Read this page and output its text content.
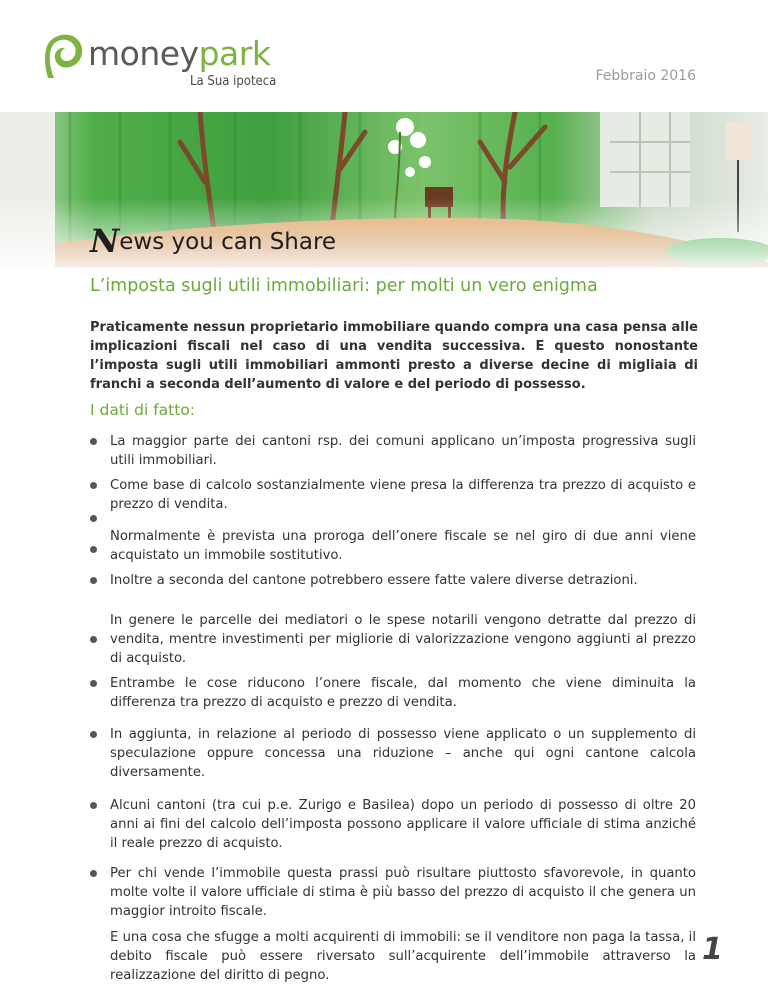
moneypark
La Sua ipoteca	Febbraio 2016
News you can Share
L’imposta sugli utili immobiliari: per molti un vero enigma
Praticamente nessun proprietario immobiliare quando compra una casa pensa alle implicazioni fiscali nel caso di una vendita successiva. E questo nonostante l’imposta sugli utili immobiliari ammonti presto a diverse decine di migliaia di franchi a seconda dell’aumento di valore e del periodo di possesso.
I dati di fatto:
La maggior parte dei cantoni rsp. dei comuni applicano un’imposta progressiva sugli utili immobiliari.
Come base di calcolo sostanzialmente viene presa la differenza tra prezzo di acquisto e prezzo di vendita.
Normalmente è prevista una proroga dell’onere fiscale se nel giro di due anni viene acquistato un immobile sostitutivo.
Inoltre a seconda del cantone potrebbero essere fatte valere diverse detrazioni.
In genere le parcelle dei mediatori o le spese notarili vengono detratte dal prezzo di vendita, mentre investimenti per migliorie di valorizzazione vengono aggiunti al prezzo di acquisto.
Entrambe le cose riducono l’onere fiscale, dal momento che viene diminuita la differenza tra prezzo di acquisto e prezzo di vendita.
In aggiunta, in relazione al periodo di possesso viene applicato o un supplemento di speculazione oppure concessa una riduzione – anche qui ogni cantone calcola diversamente.
Alcuni cantoni (tra cui p.e. Zurigo e Basilea) dopo un periodo di possesso di oltre 20 anni ai fini del calcolo dell’imposta possono applicare il valore ufficiale di stima anziché il reale prezzo di acquisto.
Per chi vende l’immobile questa prassi può risultare piuttosto sfavorevole, in quanto molte volte il valore ufficiale di stima è più basso del prezzo di acquisto il che genera un maggior introito fiscale.
E una cosa che sfugge a molti acquirenti di immobili: se il venditore non paga la tassa, il debito fiscale può essere riversato sull’acquirente dell’immobile attraverso la realizzazione del diritto di pegno.
1
